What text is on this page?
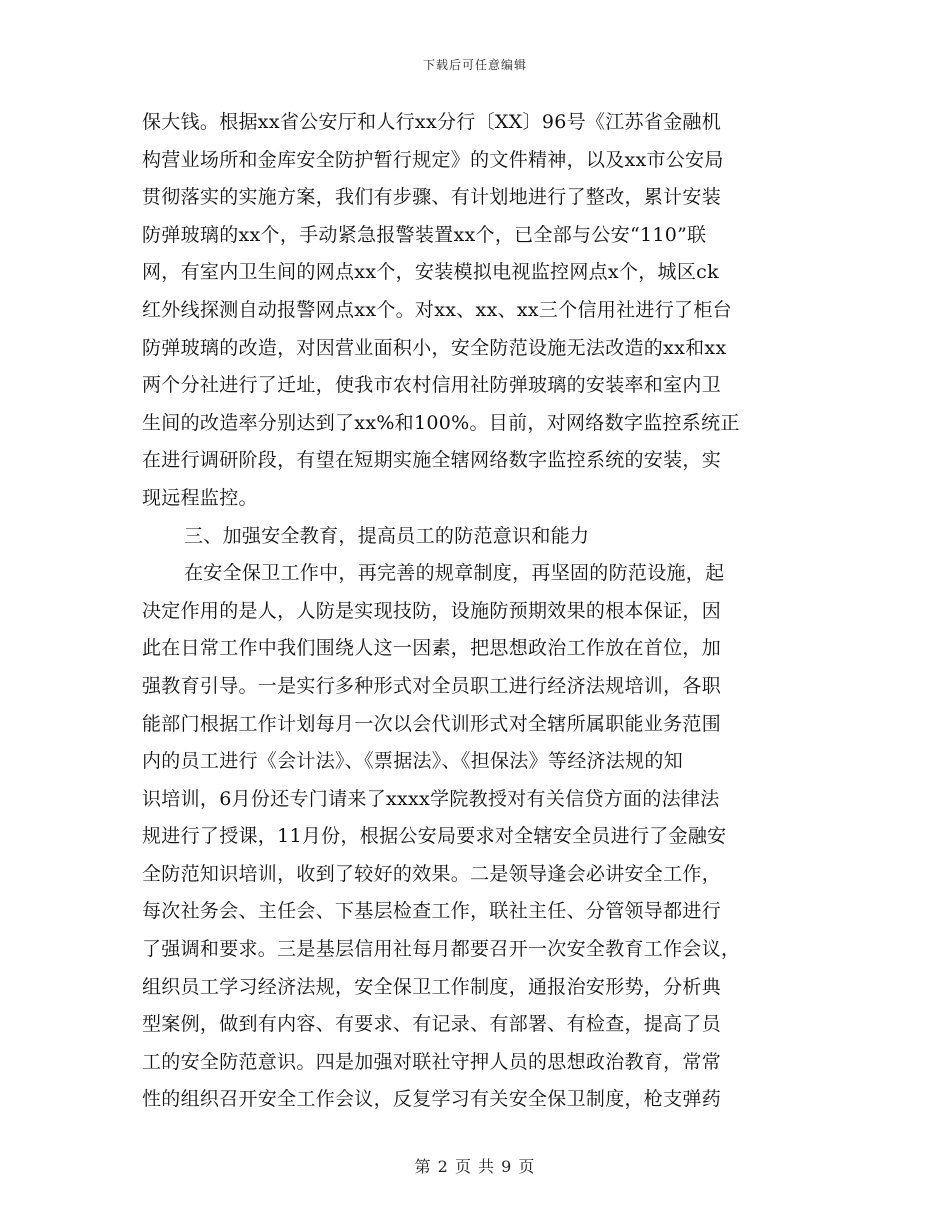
下载后可任意编辑
保大钱。根据xx省公安厅和人行xx分行〔XX〕96号《江苏省金融机
构营业场所和金库安全防护暂行规定》的文件精神，以及xx市公安局
贯彻落实的实施方案，我们有步骤、有计划地进行了整改，累计安装
防弹玻璃的xx个，手动紧急报警装置xx个，已全部与公安“110”联
网，有室内卫生间的网点xx个，安装模拟电视监控网点x个，城区ck
红外线探测自动报警网点xx个。对xx、xx、xx三个信用社进行了柜台
防弹玻璃的改造，对因营业面积小，安全防范设施无法改造的xx和xx
两个分社进行了迁址，使我市农村信用社防弹玻璃的安装率和室内卫
生间的改造率分别达到了xx%和100%。目前，对网络数字监控系统正
在进行调研阶段，有望在短期实施全辖网络数字监控系统的安装，实
现远程监控。
三、加强安全教育，提高员工的防范意识和能力
在安全保卫工作中，再完善的规章制度，再坚固的防范设施，起
决定作用的是人，人防是实现技防，设施防预期效果的根本保证，因
此在日常工作中我们围绕人这一因素，把思想政治工作放在首位，加
强教育引导。一是实行多种形式对全员职工进行经济法规培训，各职
能部门根据工作计划每月一次以会代训形式对全辖所属职能业务范围
内的员工进行《会计法》、《票据法》、《担保法》等经济法规的知
识培训，6月份还专门请来了xxxx学院教授对有关信贷方面的法律法
规进行了授课，11月份，根据公安局要求对全辖安全员进行了金融安
全防范知识培训，收到了较好的效果。二是领导逢会必讲安全工作，
每次社务会、主任会、下基层检查工作，联社主任、分管领导都进行
了强调和要求。三是基层信用社每月都要召开一次安全教育工作会议，
组织员工学习经济法规，安全保卫工作制度，通报治安形势，分析典
型案例，做到有内容、有要求、有记录、有部署、有检查，提高了员
工的安全防范意识。四是加强对联社守押人员的思想政治教育，常常
性的组织召开安全工作会议，反复学习有关安全保卫制度，枪支弹药
第 2 页 共 9 页
